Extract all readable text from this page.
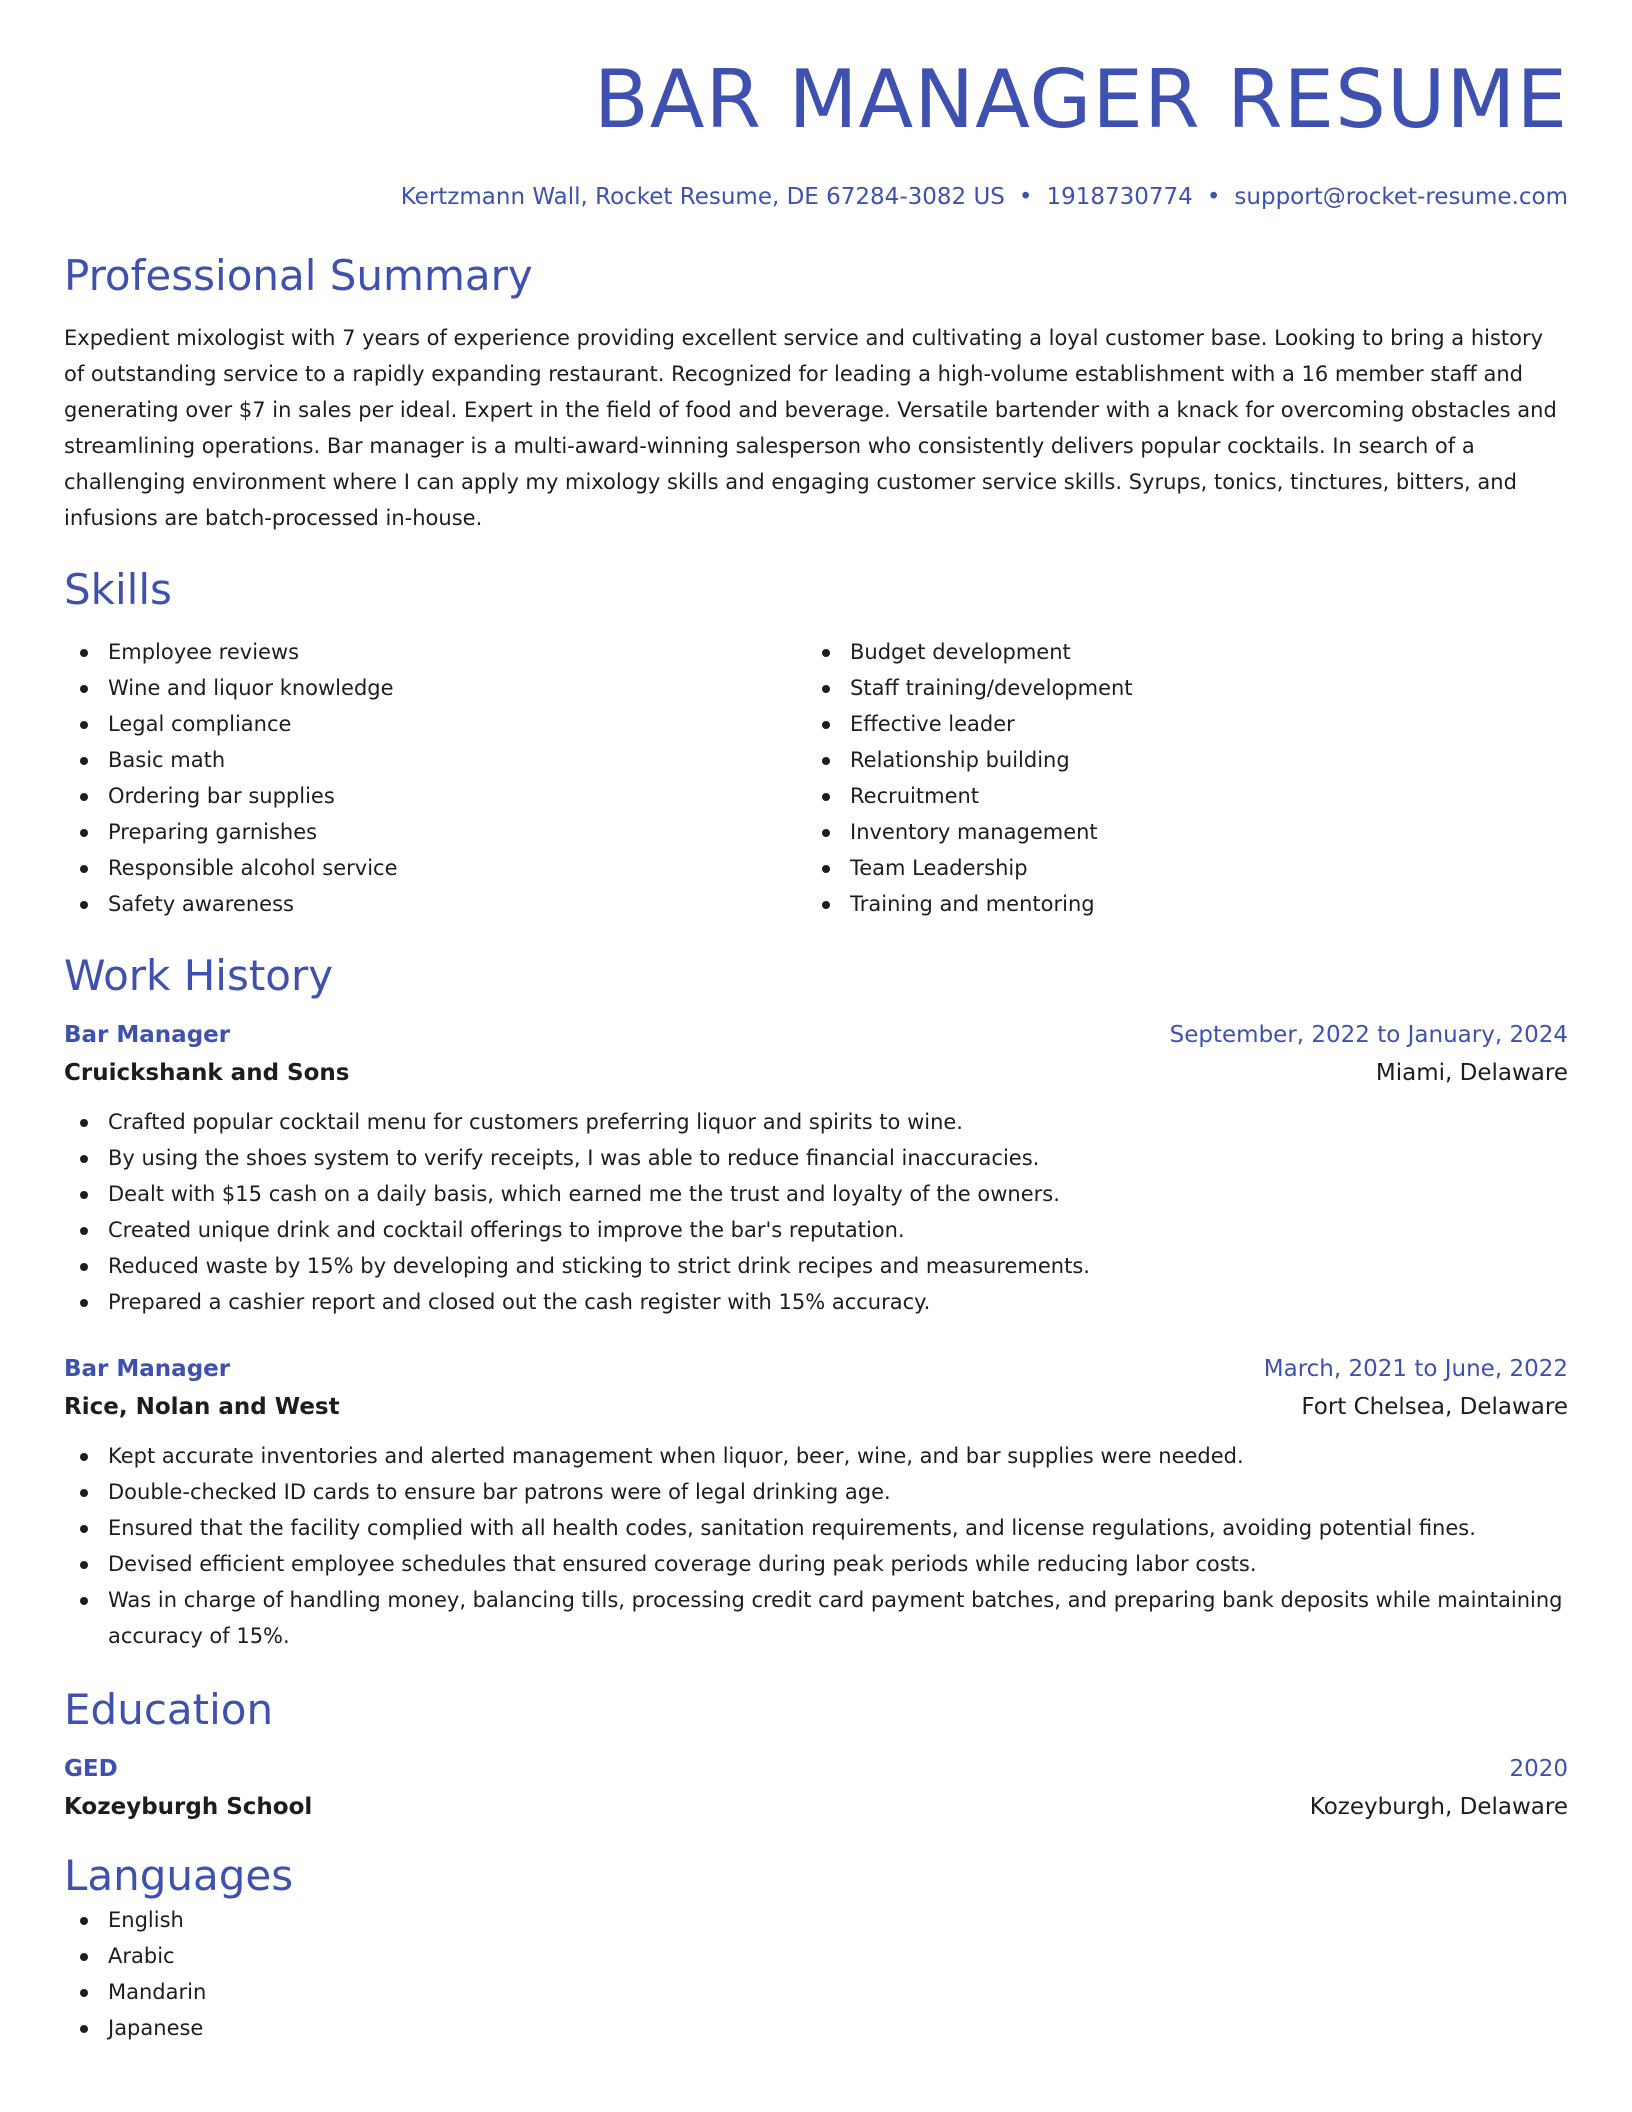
BAR MANAGER RESUME
Kertzmann Wall, Rocket Resume, DE 67284-3082 US • 1918730774 • support@rocket-resume.com
Professional Summary
Expedient mixologist with 7 years of experience providing excellent service and cultivating a loyal customer base. Looking to bring a history of outstanding service to a rapidly expanding restaurant. Recognized for leading a high-volume establishment with a 16 member staff and generating over $7 in sales per ideal. Expert in the field of food and beverage. Versatile bartender with a knack for overcoming obstacles and streamlining operations. Bar manager is a multi-award-winning salesperson who consistently delivers popular cocktails. In search of a challenging environment where I can apply my mixology skills and engaging customer service skills. Syrups, tonics, tinctures, bitters, and infusions are batch-processed in-house.
Skills
Employee reviews
Wine and liquor knowledge
Legal compliance
Basic math
Ordering bar supplies
Preparing garnishes
Responsible alcohol service
Safety awareness
Budget development
Staff training/development
Effective leader
Relationship building
Recruitment
Inventory management
Team Leadership
Training and mentoring
Work History
Bar Manager	September, 2022 to January, 2024
Cruickshank and Sons	Miami, Delaware
Crafted popular cocktail menu for customers preferring liquor and spirits to wine.
By using the shoes system to verify receipts, I was able to reduce financial inaccuracies.
Dealt with $15 cash on a daily basis, which earned me the trust and loyalty of the owners.
Created unique drink and cocktail offerings to improve the bar's reputation.
Reduced waste by 15% by developing and sticking to strict drink recipes and measurements.
Prepared a cashier report and closed out the cash register with 15% accuracy.
Bar Manager	March, 2021 to June, 2022
Rice, Nolan and West	Fort Chelsea, Delaware
Kept accurate inventories and alerted management when liquor, beer, wine, and bar supplies were needed.
Double-checked ID cards to ensure bar patrons were of legal drinking age.
Ensured that the facility complied with all health codes, sanitation requirements, and license regulations, avoiding potential fines.
Devised efficient employee schedules that ensured coverage during peak periods while reducing labor costs.
Was in charge of handling money, balancing tills, processing credit card payment batches, and preparing bank deposits while maintaining accuracy of 15%.
Education
GED	2020
Kozeyburgh School	Kozeyburgh, Delaware
Languages
English
Arabic
Mandarin
Japanese
